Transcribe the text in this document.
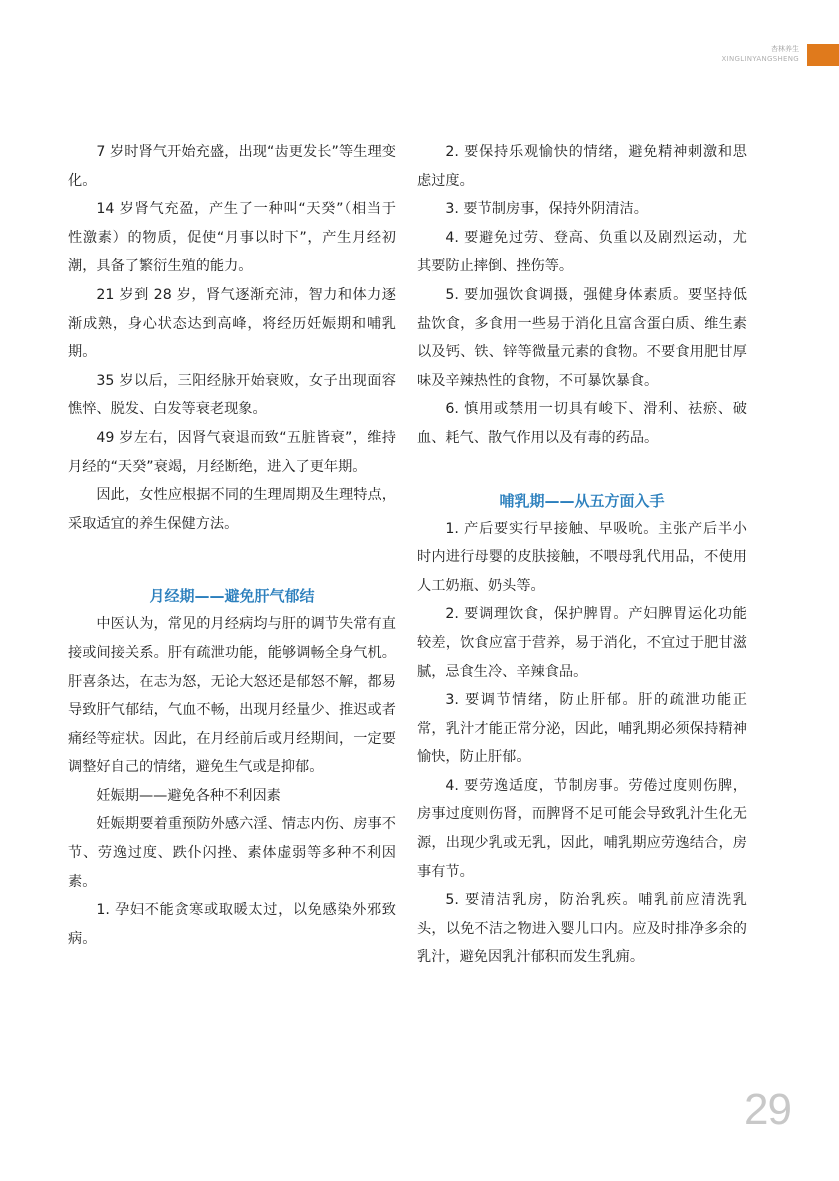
杏林养生
XINGLINYANGSHENG

7 岁时肾气开始充盛，出现“齿更发长”等生理变化。

14 岁肾气充盈，产生了一种叫“天癸”（相当于性激素）的物质，促使“月事以时下”，产生月经初潮，具备了繁衍生殖的能力。

21 岁到 28 岁，肾气逐渐充沛，智力和体力逐渐成熟，身心状态达到高峰，将经历妊娠期和哺乳期。

35 岁以后，三阳经脉开始衰败，女子出现面容憔悴、脱发、白发等衰老现象。

49 岁左右，因肾气衰退而致“五脏皆衰”，维持月经的“天癸”衰竭，月经断绝，进入了更年期。

因此，女性应根据不同的生理周期及生理特点，采取适宜的养生保健方法。

月经期——避免肝气郁结

中医认为，常见的月经病均与肝的调节失常有直接或间接关系。肝有疏泄功能，能够调畅全身气机。肝喜条达，在志为怒，无论大怒还是郁怒不解，都易导致肝气郁结，气血不畅，出现月经量少、推迟或者痛经等症状。因此，在月经前后或月经期间，一定要调整好自己的情绪，避免生气或是抑郁。

妊娠期——避免各种不利因素

妊娠期要着重预防外感六淫、情志内伤、房事不节、劳逸过度、跌仆闪挫、素体虚弱等多种不利因素。

1. 孕妇不能贪寒或取暖太过，以免感染外邪致病。

2. 要保持乐观愉快的情绪，避免精神刺激和思虑过度。

3. 要节制房事，保持外阴清洁。

4. 要避免过劳、登高、负重以及剧烈运动，尤其要防止摔倒、挫伤等。

5. 要加强饮食调摄，强健身体素质。要坚持低盐饮食，多食用一些易于消化且富含蛋白质、维生素以及钙、铁、锌等微量元素的食物。不要食用肥甘厚味及辛辣热性的食物，不可暴饮暴食。

6. 慎用或禁用一切具有峻下、滑利、祛瘀、破血、耗气、散气作用以及有毒的药品。

哺乳期——从五方面入手

1. 产后要实行早接触、早吸吮。主张产后半小时内进行母婴的皮肤接触，不喂母乳代用品，不使用人工奶瓶、奶头等。

2. 要调理饮食，保护脾胃。产妇脾胃运化功能较差，饮食应富于营养，易于消化，不宜过于肥甘滋腻，忌食生冷、辛辣食品。

3. 要调节情绪，防止肝郁。肝的疏泄功能正常，乳汁才能正常分泌，因此，哺乳期必须保持精神愉快，防止肝郁。

4. 要劳逸适度，节制房事。劳倦过度则伤脾，房事过度则伤肾，而脾肾不足可能会导致乳汁生化无源，出现少乳或无乳，因此，哺乳期应劳逸结合，房事有节。

5. 要清洁乳房，防治乳疾。哺乳前应清洗乳头，以免不洁之物进入婴儿口内。应及时排净多余的乳汁，避免因乳汁郁积而发生乳痈。

29
